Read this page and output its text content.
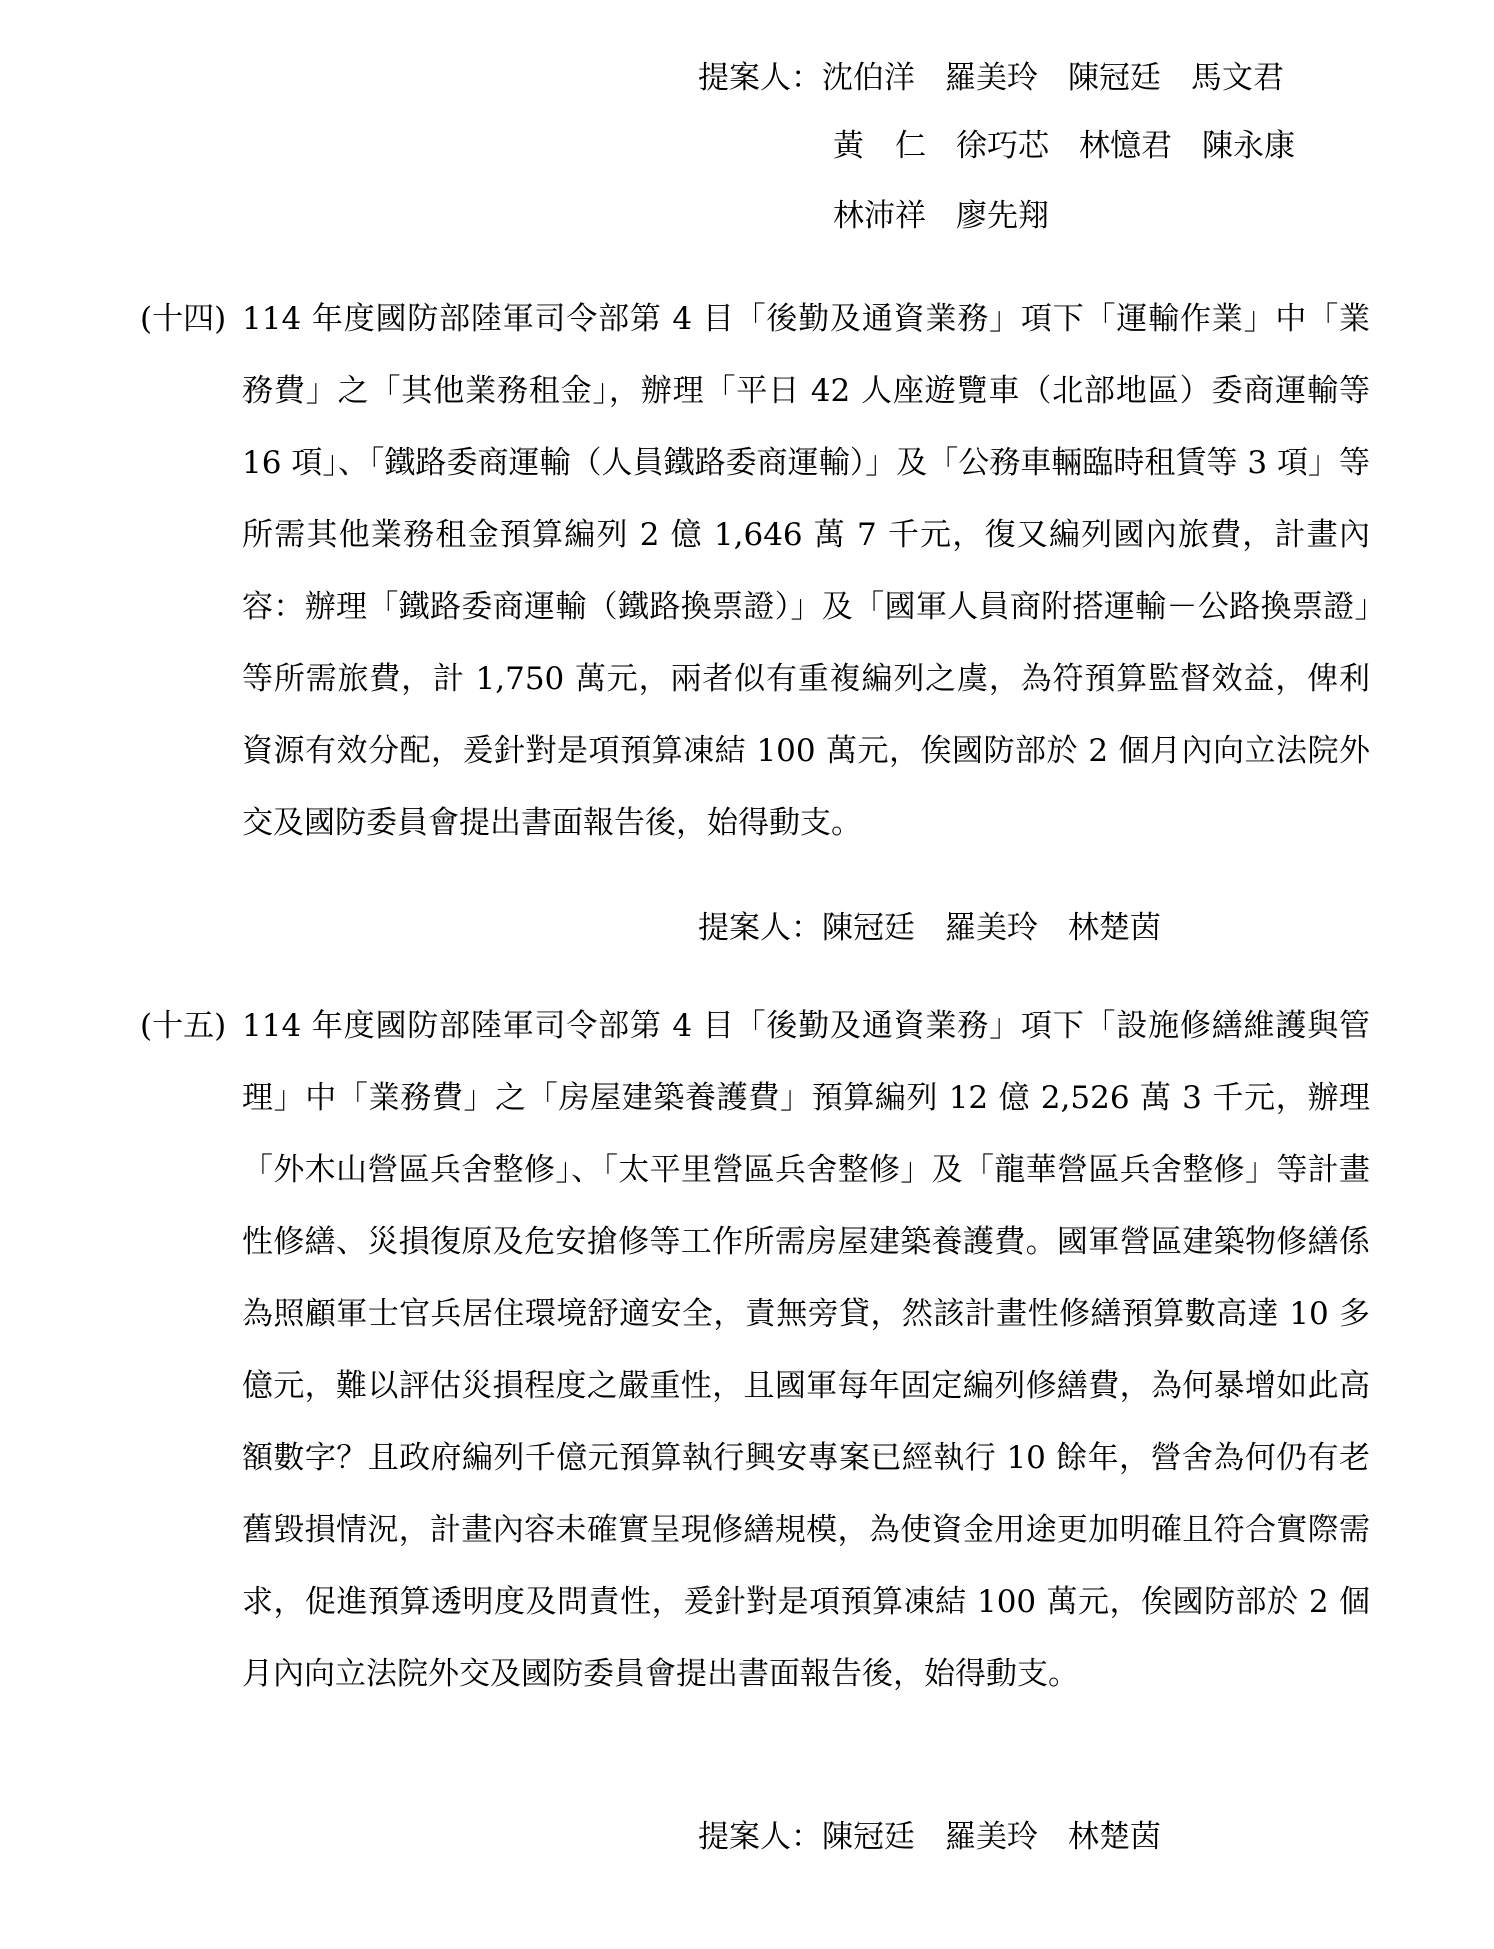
提案人：沈伯洋 羅美玲 陳冠廷 馬文君
黃　仁 徐巧芯 林憶君 陳永康
林沛祥 廖先翔
(十四) 114 年度國防部陸軍司令部第 4 目「後勤及通資業務」項下「運輸作業」中「業務費」之「其他業務租金」，辦理「平日 42 人座遊覽車（北部地區）委商運輸等 16 項」、「鐵路委商運輸（人員鐵路委商運輸）」及「公務車輛臨時租賃等 3 項」等所需其他業務租金預算編列 2 億 1,646 萬 7 千元，復又編列國內旅費，計畫內容：辦理「鐵路委商運輸（鐵路換票證）」及「國軍人員商附搭運輸－公路換票證」等所需旅費，計 1,750 萬元，兩者似有重複編列之虞，為符預算監督效益，俾利資源有效分配，爰針對是項預算凍結 100 萬元，俟國防部於 2 個月內向立法院外交及國防委員會提出書面報告後，始得動支。
提案人：陳冠廷 羅美玲 林楚茵
(十五) 114 年度國防部陸軍司令部第 4 目「後勤及通資業務」項下「設施修繕維護與管理」中「業務費」之「房屋建築養護費」預算編列 12 億 2,526 萬 3 千元，辦理「外木山營區兵舍整修」、「太平里營區兵舍整修」及「龍華營區兵舍整修」等計畫性修繕、災損復原及危安搶修等工作所需房屋建築養護費。國軍營區建築物修繕係為照顧軍士官兵居住環境舒適安全，責無旁貸，然該計畫性修繕預算數高達 10 多億元，難以評估災損程度之嚴重性，且國軍每年固定編列修繕費，為何暴增如此高額數字？且政府編列千億元預算執行興安專案已經執行 10 餘年，營舍為何仍有老舊毀損情況，計畫內容未確實呈現修繕規模，為使資金用途更加明確且符合實際需求，促進預算透明度及問責性，爰針對是項預算凍結 100 萬元，俟國防部於 2 個月內向立法院外交及國防委員會提出書面報告後，始得動支。
提案人：陳冠廷 羅美玲 林楚茵
